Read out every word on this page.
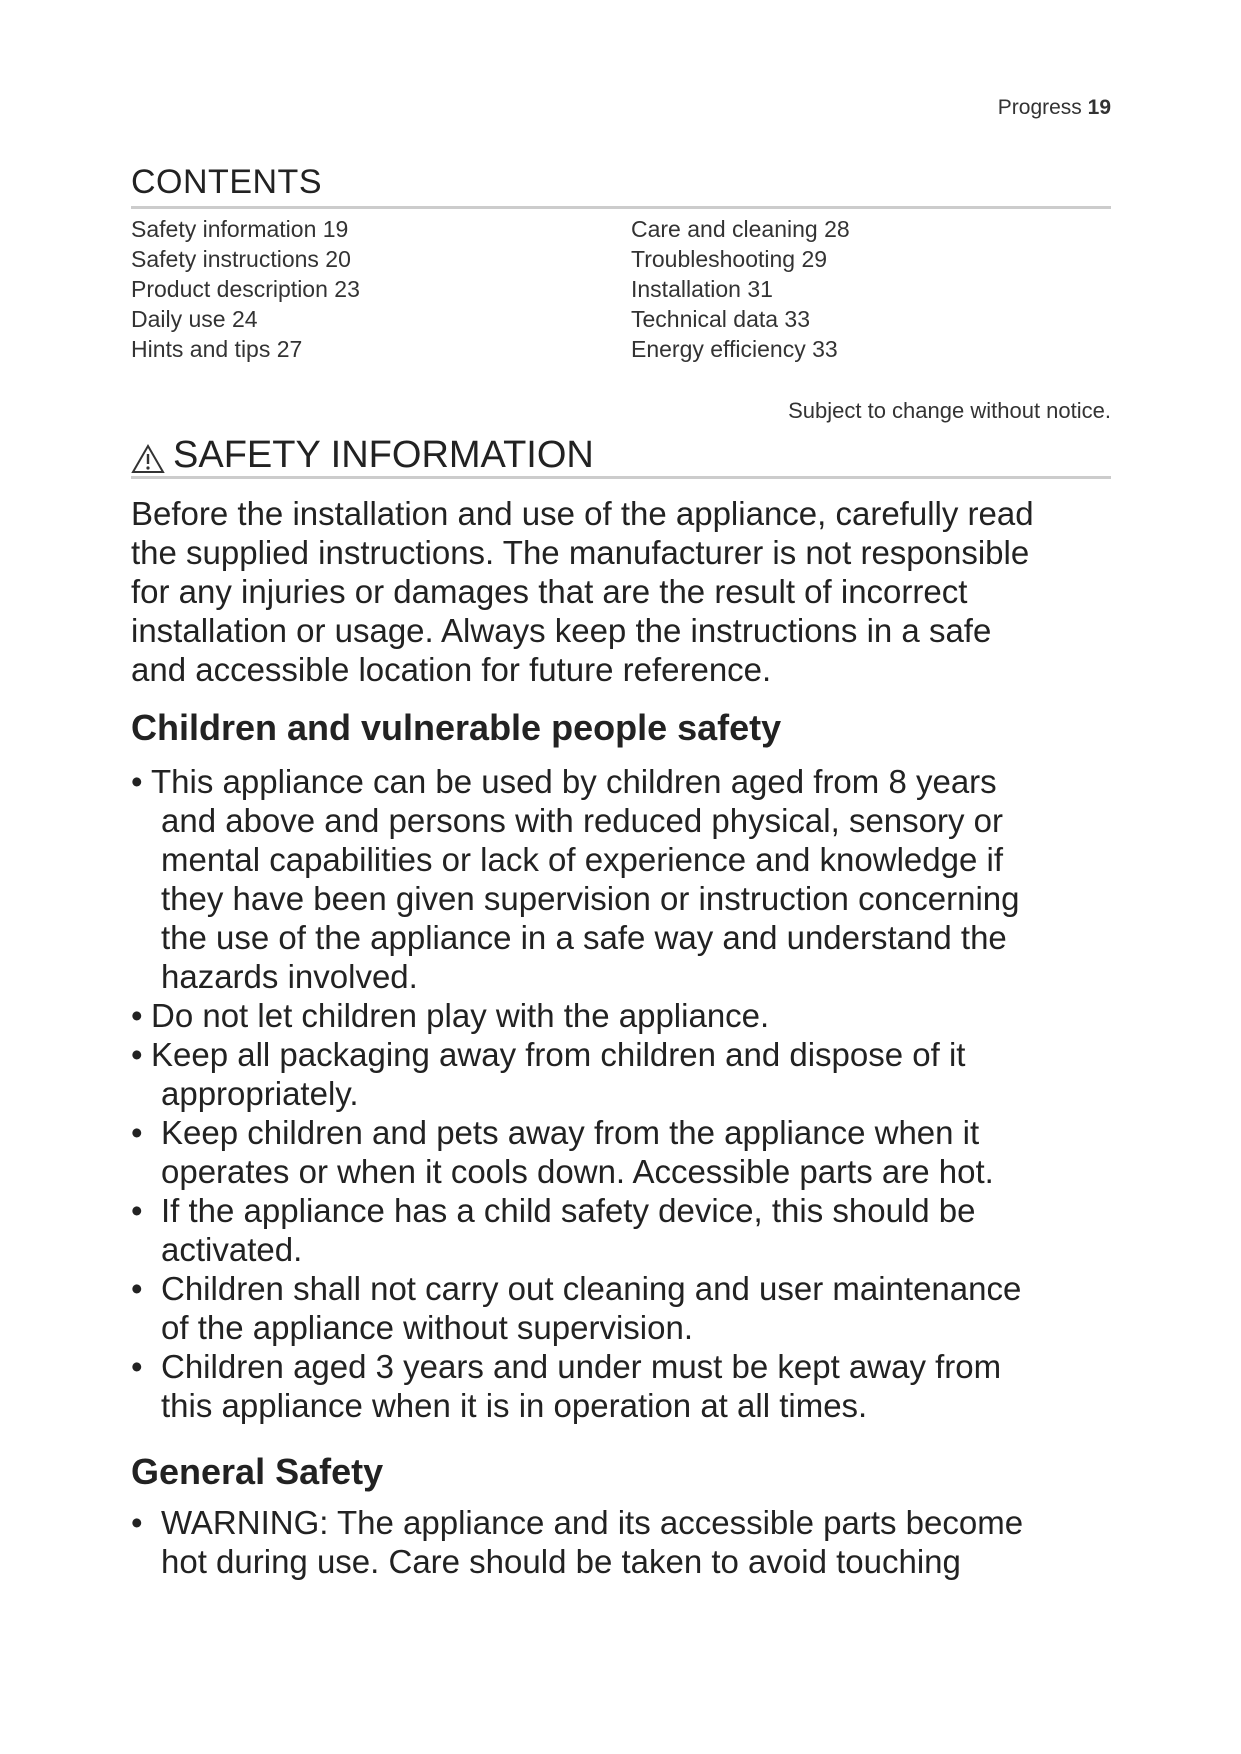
Progress 19
CONTENTS
Safety information 19
Safety instructions 20
Product description 23
Daily use 24
Hints and tips 27
Care and cleaning 28
Troubleshooting 29
Installation 31
Technical data 33
Energy efficiency 33
Subject to change without notice.
SAFETY INFORMATION
Before the installation and use of the appliance, carefully read
the supplied instructions. The manufacturer is not responsible
for any injuries or damages that are the result of incorrect
installation or usage. Always keep the instructions in a safe
and accessible location for future reference.
Children and vulnerable people safety
• This appliance can be used by children aged from 8 years
and above and persons with reduced physical, sensory or
mental capabilities or lack of experience and knowledge if
they have been given supervision or instruction concerning
the use of the appliance in a safe way and understand the
hazards involved.
• Do not let children play with the appliance.
• Keep all packaging away from children and dispose of it
appropriately.
• Keep children and pets away from the appliance when it
operates or when it cools down. Accessible parts are hot.
• If the appliance has a child safety device, this should be
activated.
• Children shall not carry out cleaning and user maintenance
of the appliance without supervision.
• Children aged 3 years and under must be kept away from
this appliance when it is in operation at all times.
General Safety
• WARNING: The appliance and its accessible parts become
hot during use. Care should be taken to avoid touching
